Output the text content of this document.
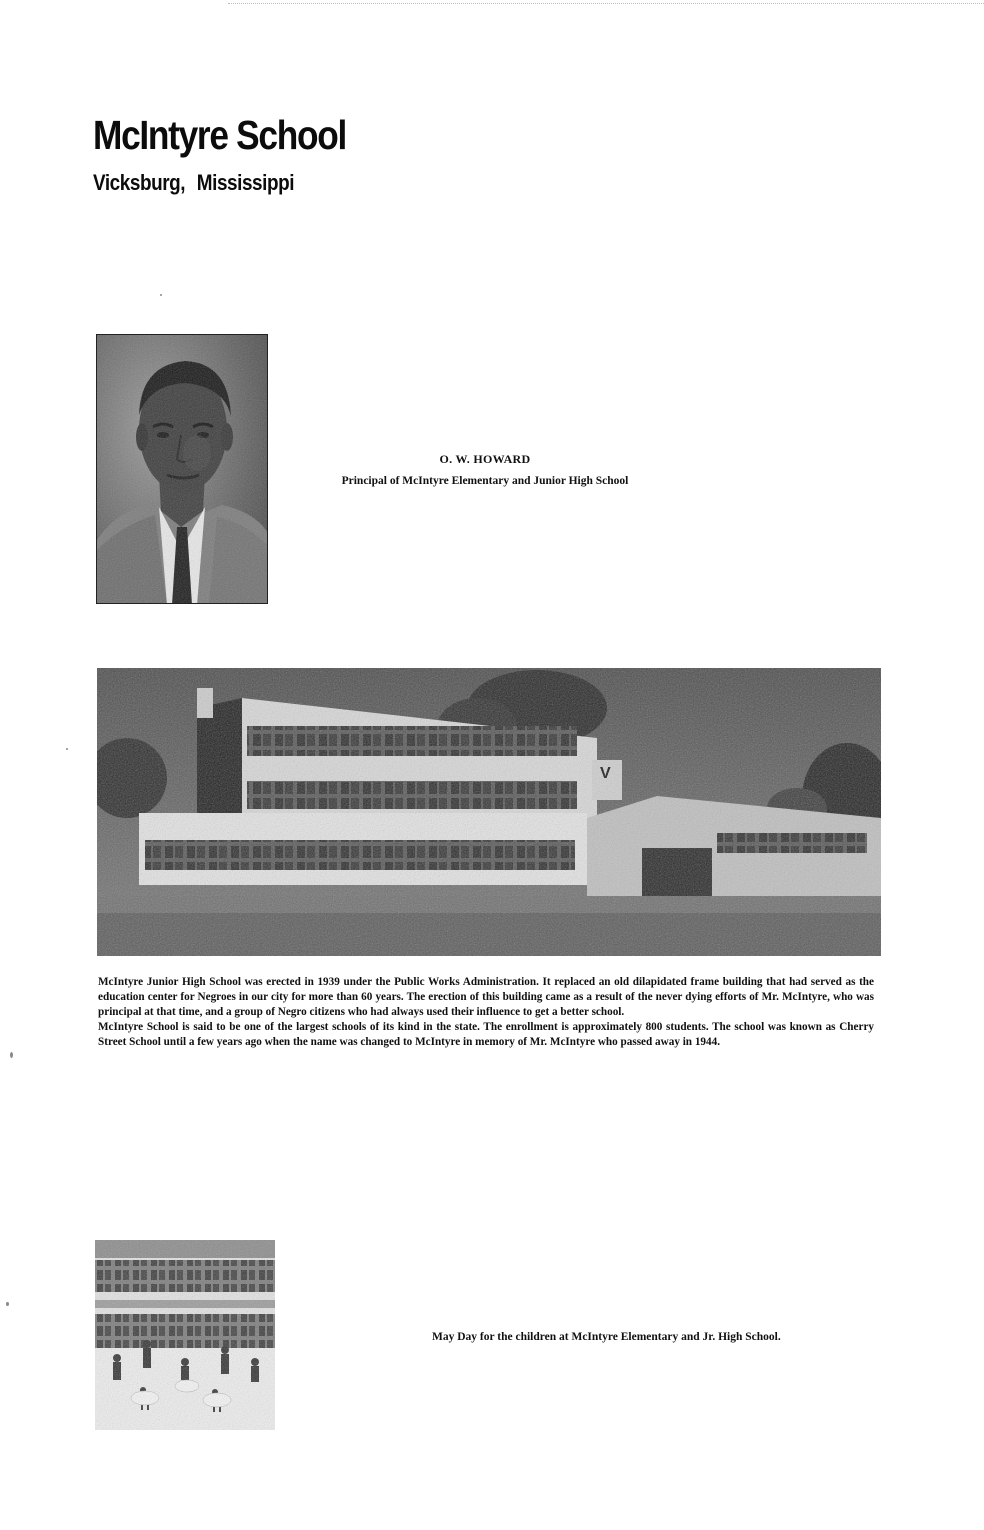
McIntyre School
Vicksburg, Mississippi
O. W. HOWARD
Principal of McIntyre Elementary and Junior High School

McIntyre Junior High School was erected in 1939 under the Public Works Administration. It replaced an old dilapidated frame building that had served as the education center for Negroes in our city for more than 60 years. The erection of this building came as a result of the never dying efforts of Mr. McIntyre, who was principal at that time, and a group of Negro citizens who had always used their influence to get a better school.

McIntyre School is said to be one of the largest schools of its kind in the state. The enrollment is approximately 800 students. The school was known as Cherry Street School until a few years ago when the name was changed to McIntyre in memory of Mr. McIntyre who passed away in 1944.

May Day for the children at McIntyre Elementary and Jr. High School.
